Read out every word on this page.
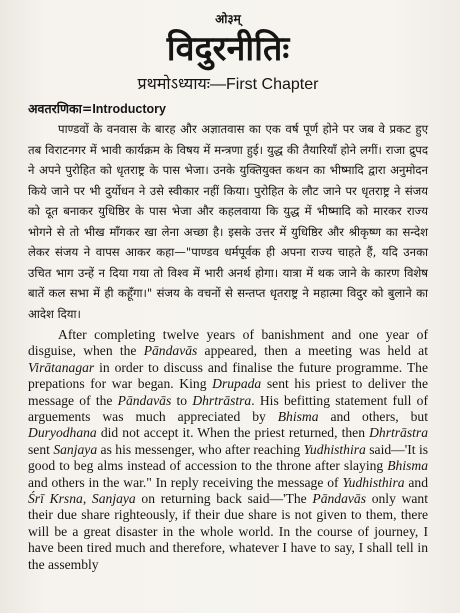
ओ३म्
विदुरनीतिः
प्रथमोऽध्यायः—First Chapter
अवतरणिका=Introductory

पाण्डवों के वनवास के बारह और अज्ञातवास का एक वर्ष पूर्ण होने पर जब वे प्रकट हुए तब विराटनगर में भावी कार्यक्रम के विषय में मन्त्रणा हुई। युद्ध की तैयारियाँ होने लगीं। राजा द्रुपद ने अपने पुरोहित को धृतराष्ट्र के पास भेजा। उनके युक्तियुक्त कथन का भीष्मादि द्वारा अनुमोदन किये जाने पर भी दुर्योधन ने उसे स्वीकार नहीं किया। पुरोहित के लौट जाने पर धृतराष्ट्र ने संजय को दूत बनाकर युधिष्ठिर के पास भेजा और कहलवाया कि युद्ध में भीष्मादि को मारकर राज्य भोगने से तो भीख माँगकर खा लेना अच्छा है। इसके उत्तर में युधिष्ठिर और श्रीकृष्ण का सन्देश लेकर संजय ने वापस आकर कहा—"पाण्डव धर्मपूर्वक ही अपना राज्य चाहते हैं, यदि उनका उचित भाग उन्हें न दिया गया तो विश्व में भारी अनर्थ होगा। यात्रा में थक जाने के कारण विशेष बातें कल सभा में ही कहूँगा।" संजय के वचनों से सन्तप्त धृतराष्ट्र ने महात्मा विदुर को बुलाने का आदेश दिया।

After completing twelve years of banishment and one year of disguise, when the Pāndavās appeared, then a meeting was held at Virātanagar in order to discuss and finalise the future programme. The prepations for war began. King Drupada sent his priest to deliver the message of the Pāndavās to Dhrtrāstra. His befitting statement full of arguements was much appreciated by Bhisma and others, but Duryodhana did not accept it. When the priest returned, then Dhrtrāstra sent Sanjaya as his messenger, who after reaching Yudhisthira said—'It is good to beg alms instead of accession to the throne after slaying Bhisma and others in the war." In reply receiving the message of Yudhisthira and Śrī Krsna, Sanjaya on returning back said—'The Pāndavās only want their due share righteously, if their due share is not given to them, there will be a great disaster in the whole world. In the course of journey, I have been tired much and therefore, whatever I have to say, I shall tell in the assembly
